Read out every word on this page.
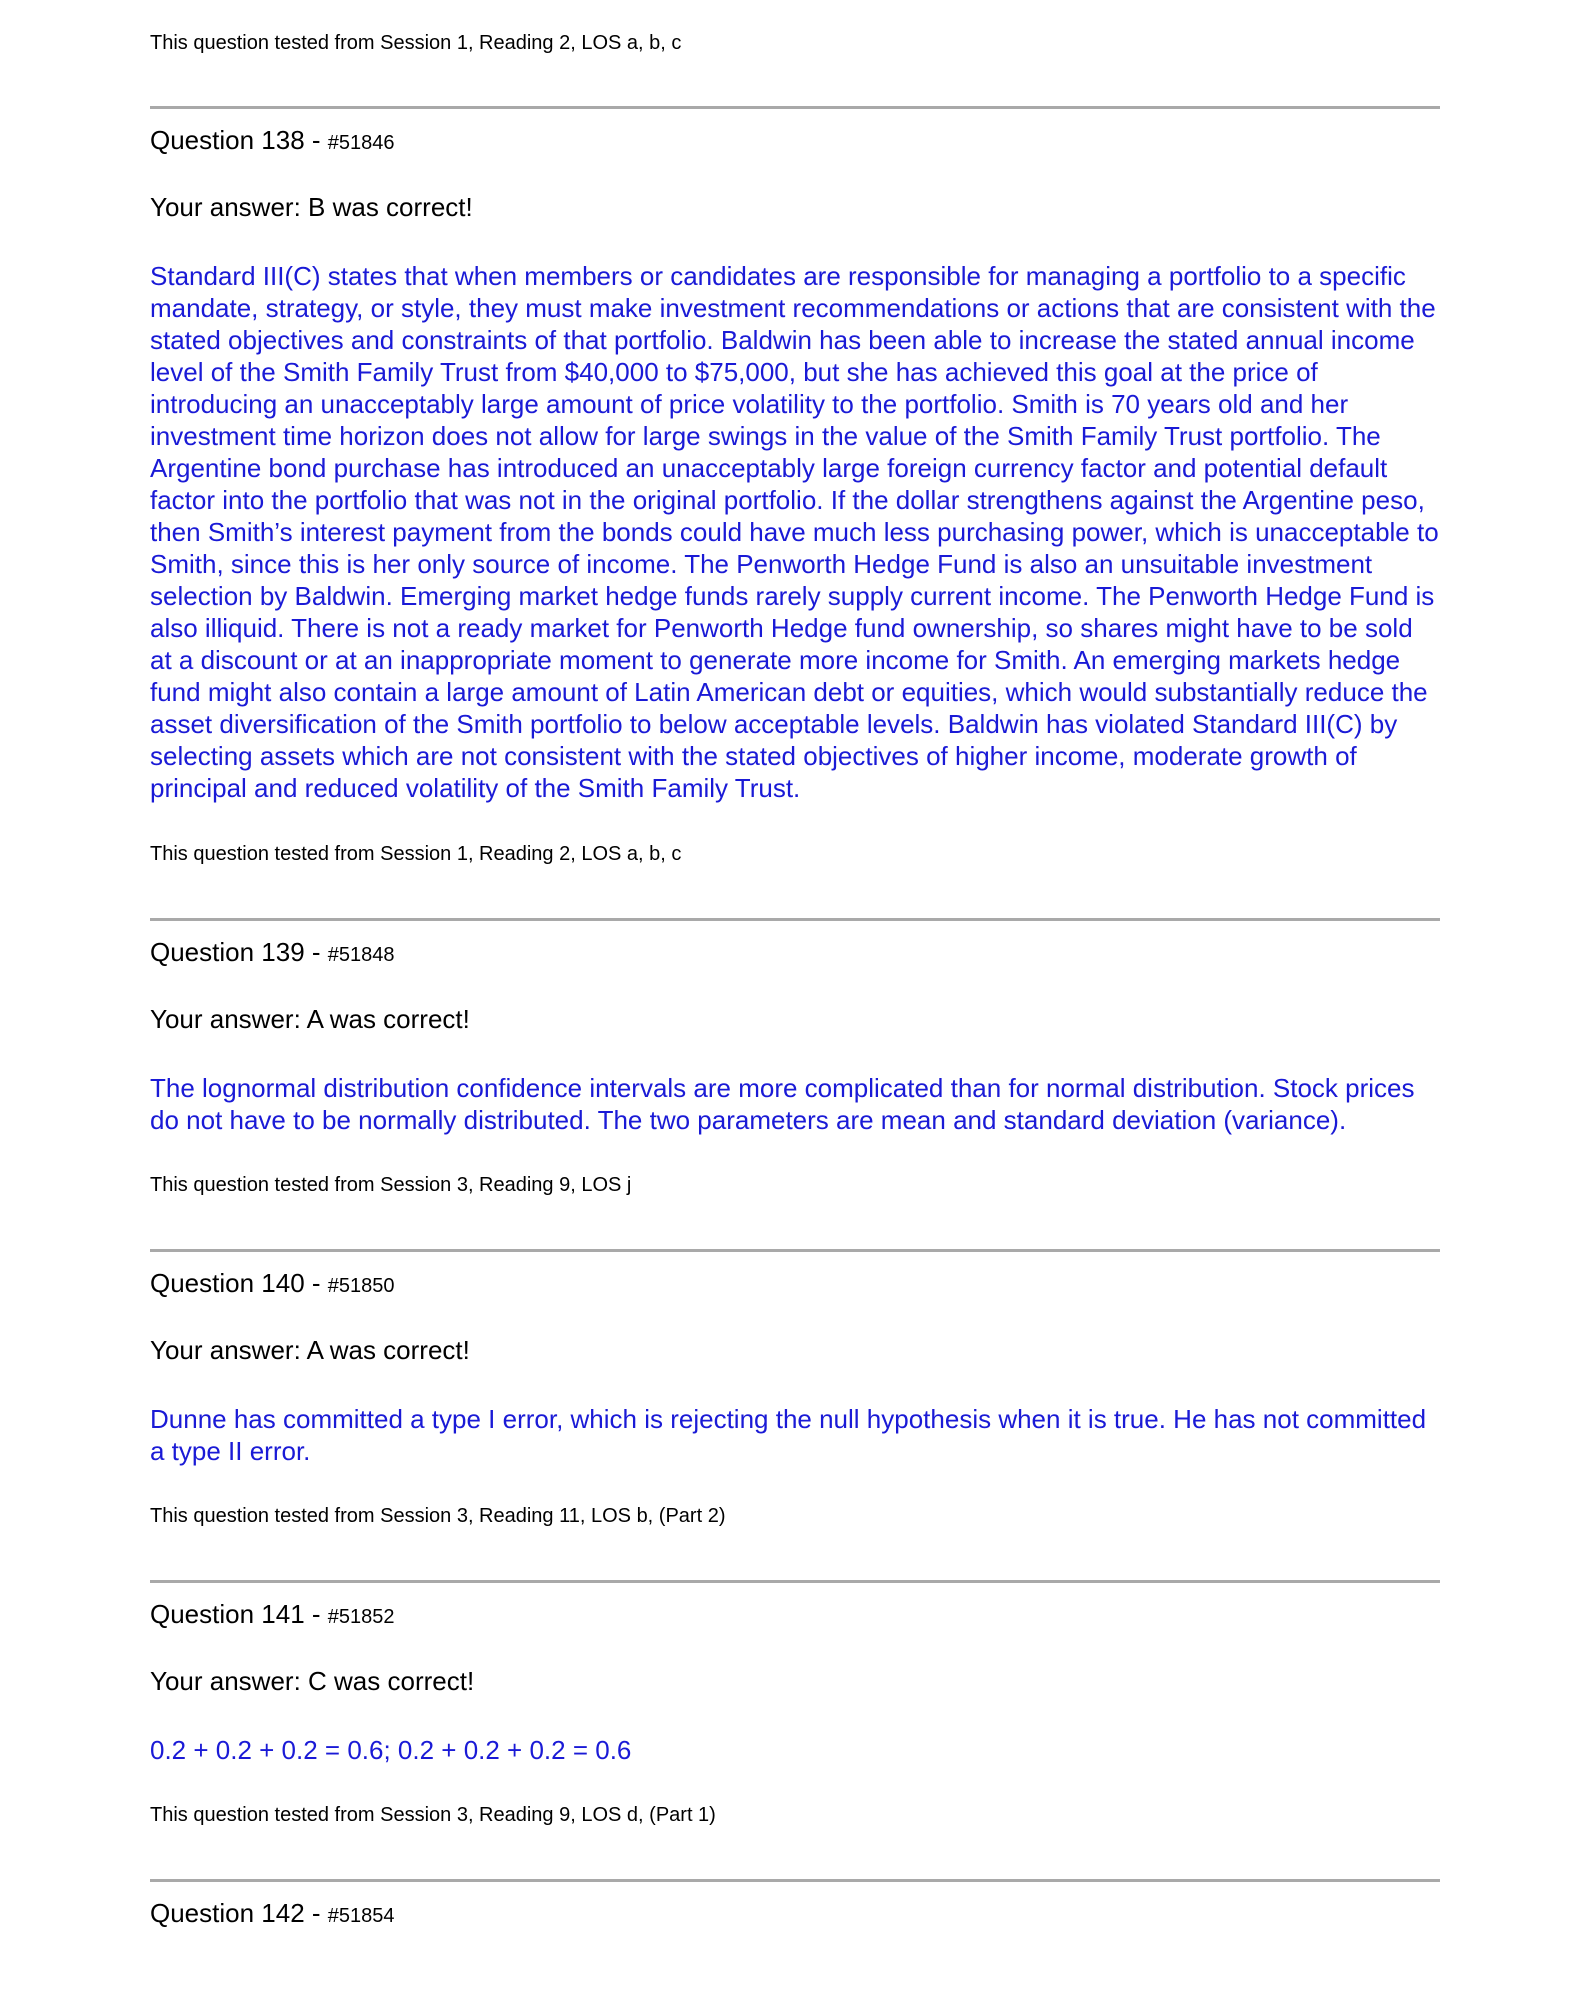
This question tested from Session 1, Reading 2, LOS a, b, c

Question 138 - #51846

Your answer: B was correct!

Standard III(C) states that when members or candidates are responsible for managing a portfolio to a specific mandate, strategy, or style, they must make investment recommendations or actions that are consistent with the stated objectives and constraints of that portfolio. Baldwin has been able to increase the stated annual income level of the Smith Family Trust from $40,000 to $75,000, but she has achieved this goal at the price of introducing an unacceptably large amount of price volatility to the portfolio. Smith is 70 years old and her investment time horizon does not allow for large swings in the value of the Smith Family Trust portfolio. The Argentine bond purchase has introduced an unacceptably large foreign currency factor and potential default factor into the portfolio that was not in the original portfolio. If the dollar strengthens against the Argentine peso, then Smith’s interest payment from the bonds could have much less purchasing power, which is unacceptable to Smith, since this is her only source of income. The Penworth Hedge Fund is also an unsuitable investment selection by Baldwin. Emerging market hedge funds rarely supply current income. The Penworth Hedge Fund is also illiquid. There is not a ready market for Penworth Hedge fund ownership, so shares might have to be sold at a discount or at an inappropriate moment to generate more income for Smith. An emerging markets hedge fund might also contain a large amount of Latin American debt or equities, which would substantially reduce the asset diversification of the Smith portfolio to below acceptable levels. Baldwin has violated Standard III(C) by selecting assets which are not consistent with the stated objectives of higher income, moderate growth of principal and reduced volatility of the Smith Family Trust.

This question tested from Session 1, Reading 2, LOS a, b, c

Question 139 - #51848

Your answer: A was correct!

The lognormal distribution confidence intervals are more complicated than for normal distribution. Stock prices do not have to be normally distributed. The two parameters are mean and standard deviation (variance).

This question tested from Session 3, Reading 9, LOS j

Question 140 - #51850

Your answer: A was correct!

Dunne has committed a type I error, which is rejecting the null hypothesis when it is true. He has not committed a type II error.

This question tested from Session 3, Reading 11, LOS b, (Part 2)

Question 141 - #51852

Your answer: C was correct!

0.2 + 0.2 + 0.2 = 0.6; 0.2 + 0.2 + 0.2 = 0.6

This question tested from Session 3, Reading 9, LOS d, (Part 1)

Question 142 - #51854
